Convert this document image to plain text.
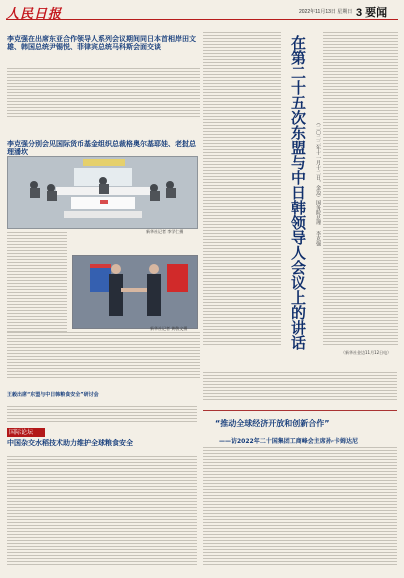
人民日报	2022年11月13日 星期日 3 要闻
李克强在出席东亚合作领导人系列会议期间同日本首相岸田文雄、韩国总统尹锡悦、菲律宾总统马科斯会面交谈
李克强分别会见国际货币基金组织总裁格奥尔基耶娃、老挝总理潘坎
新华社记者 李学仁摄
新华社记者 黄敬文摄
王毅出席“东盟与中日韩粮食安全”研讨会
国际论坛
中国杂交水稻技术助力维护全球粮食安全
在第二十五次东盟与中日韩领导人会议上的讲话	（二〇二二年十一月十二日，金边）国务院总理 李克强
（新华社金边11月12日电）
“推动全球经济开放和创新合作”
——访2022年二十国集团工商峰会主席孙·卡姆达尼
